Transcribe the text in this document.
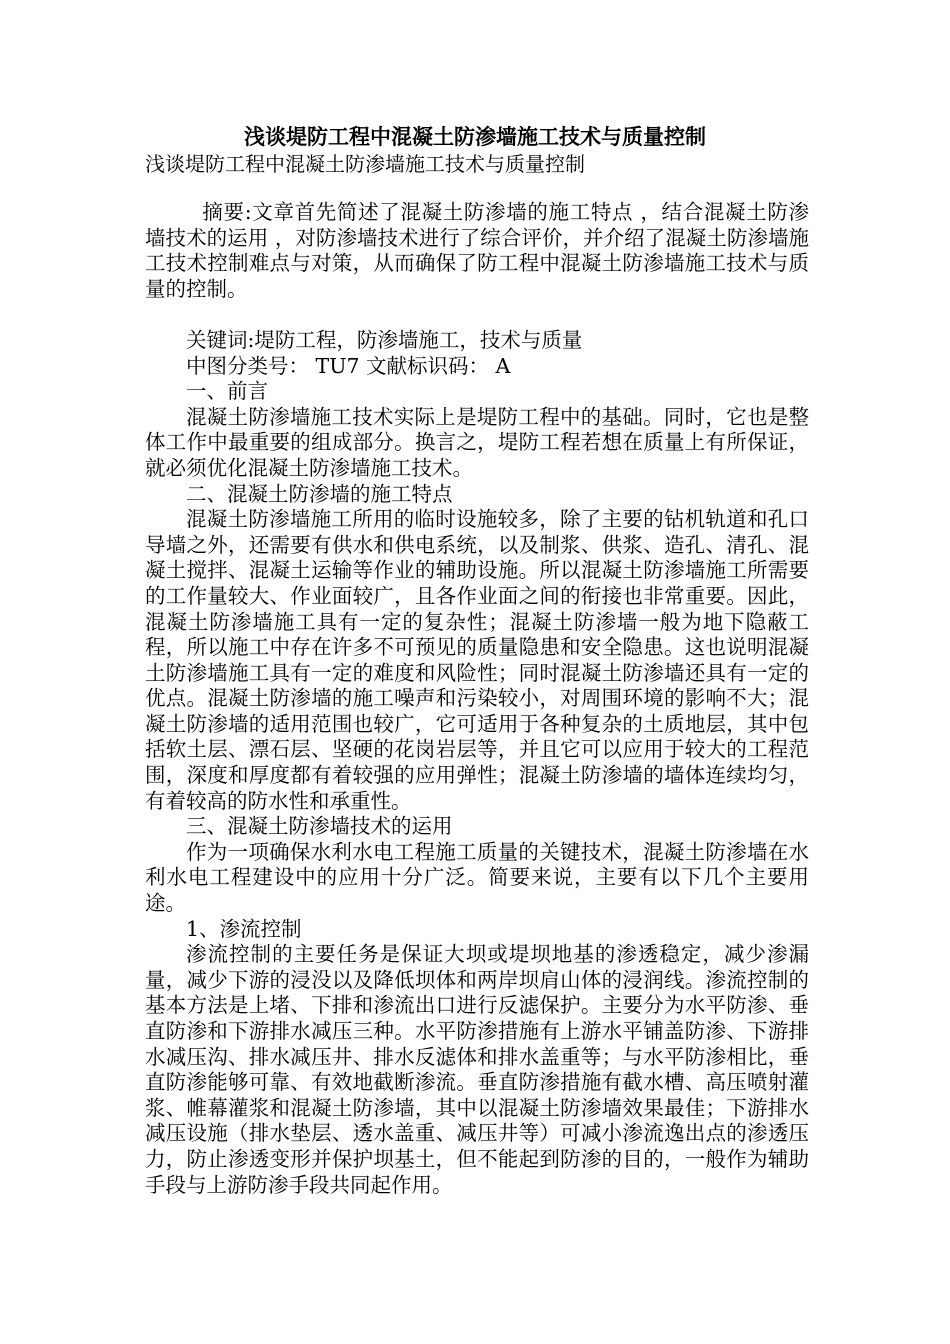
浅谈堤防工程中混凝土防渗墙施工技术与质量控制
浅谈堤防工程中混凝土防渗墙施工技术与质量控制

摘要:文章首先简述了混凝土防渗墙的施工特点 ，结合混凝土防渗墙技术的运用 ，对防渗墙技术进行了综合评价，并介绍了混凝土防渗墙施工技术控制难点与对策，从而确保了防工程中混凝土防渗墙施工技术与质量的控制。

关键词:堤防工程，防渗墙施工，技术与质量

中图分类号： TU7 文献标识码： A

一、前言

混凝土防渗墙施工技术实际上是堤防工程中的基础。同时，它也是整体工作中最重要的组成部分。换言之，堤防工程若想在质量上有所保证，就必须优化混凝土防渗墙施工技术。

二、混凝土防渗墙的施工特点

混凝土防渗墙施工所用的临时设施较多，除了主要的钻机轨道和孔口导墙之外，还需要有供水和供电系统，以及制浆、供浆、造孔、清孔、混凝土搅拌、混凝土运输等作业的辅助设施。所以混凝土防渗墙施工所需要的工作量较大、作业面较广，且各作业面之间的衔接也非常重要。因此，混凝土防渗墙施工具有一定的复杂性；混凝土防渗墙一般为地下隐蔽工程，所以施工中存在许多不可预见的质量隐患和安全隐患。这也说明混凝土防渗墙施工具有一定的难度和风险性；同时混凝土防渗墙还具有一定的优点。混凝土防渗墙的施工噪声和污染较小，对周围环境的影响不大；混凝土防渗墙的适用范围也较广，它可适用于各种复杂的土质地层，其中包括软土层、漂石层、坚硬的花岗岩层等，并且它可以应用于较大的工程范围，深度和厚度都有着较强的应用弹性；混凝土防渗墙的墙体连续均匀，有着较高的防水性和承重性。

三、混凝土防渗墙技术的运用

作为一项确保水利水电工程施工质量的关键技术，混凝土防渗墙在水利水电工程建设中的应用十分广泛。简要来说，主要有以下几个主要用途。

1、渗流控制

渗流控制的主要任务是保证大坝或堤坝地基的渗透稳定，减少渗漏量，减少下游的浸没以及降低坝体和两岸坝肩山体的浸润线。渗流控制的基本方法是上堵、下排和渗流出口进行反滤保护。主要分为水平防渗、垂直防渗和下游排水减压三种。水平防渗措施有上游水平铺盖防渗、下游排水减压沟、排水减压井、排水反滤体和排水盖重等；与水平防渗相比，垂直防渗能够可靠、有效地截断渗流。垂直防渗措施有截水槽、高压喷射灌浆、帷幕灌浆和混凝土防渗墙，其中以混凝土防渗墙效果最佳；下游排水减压设施（排水垫层、透水盖重、减压井等）可减小渗流逸出点的渗透压力，防止渗透变形并保护坝基土，但不能起到防渗的目的，一般作为辅助手段与上游防渗手段共同起作用。
